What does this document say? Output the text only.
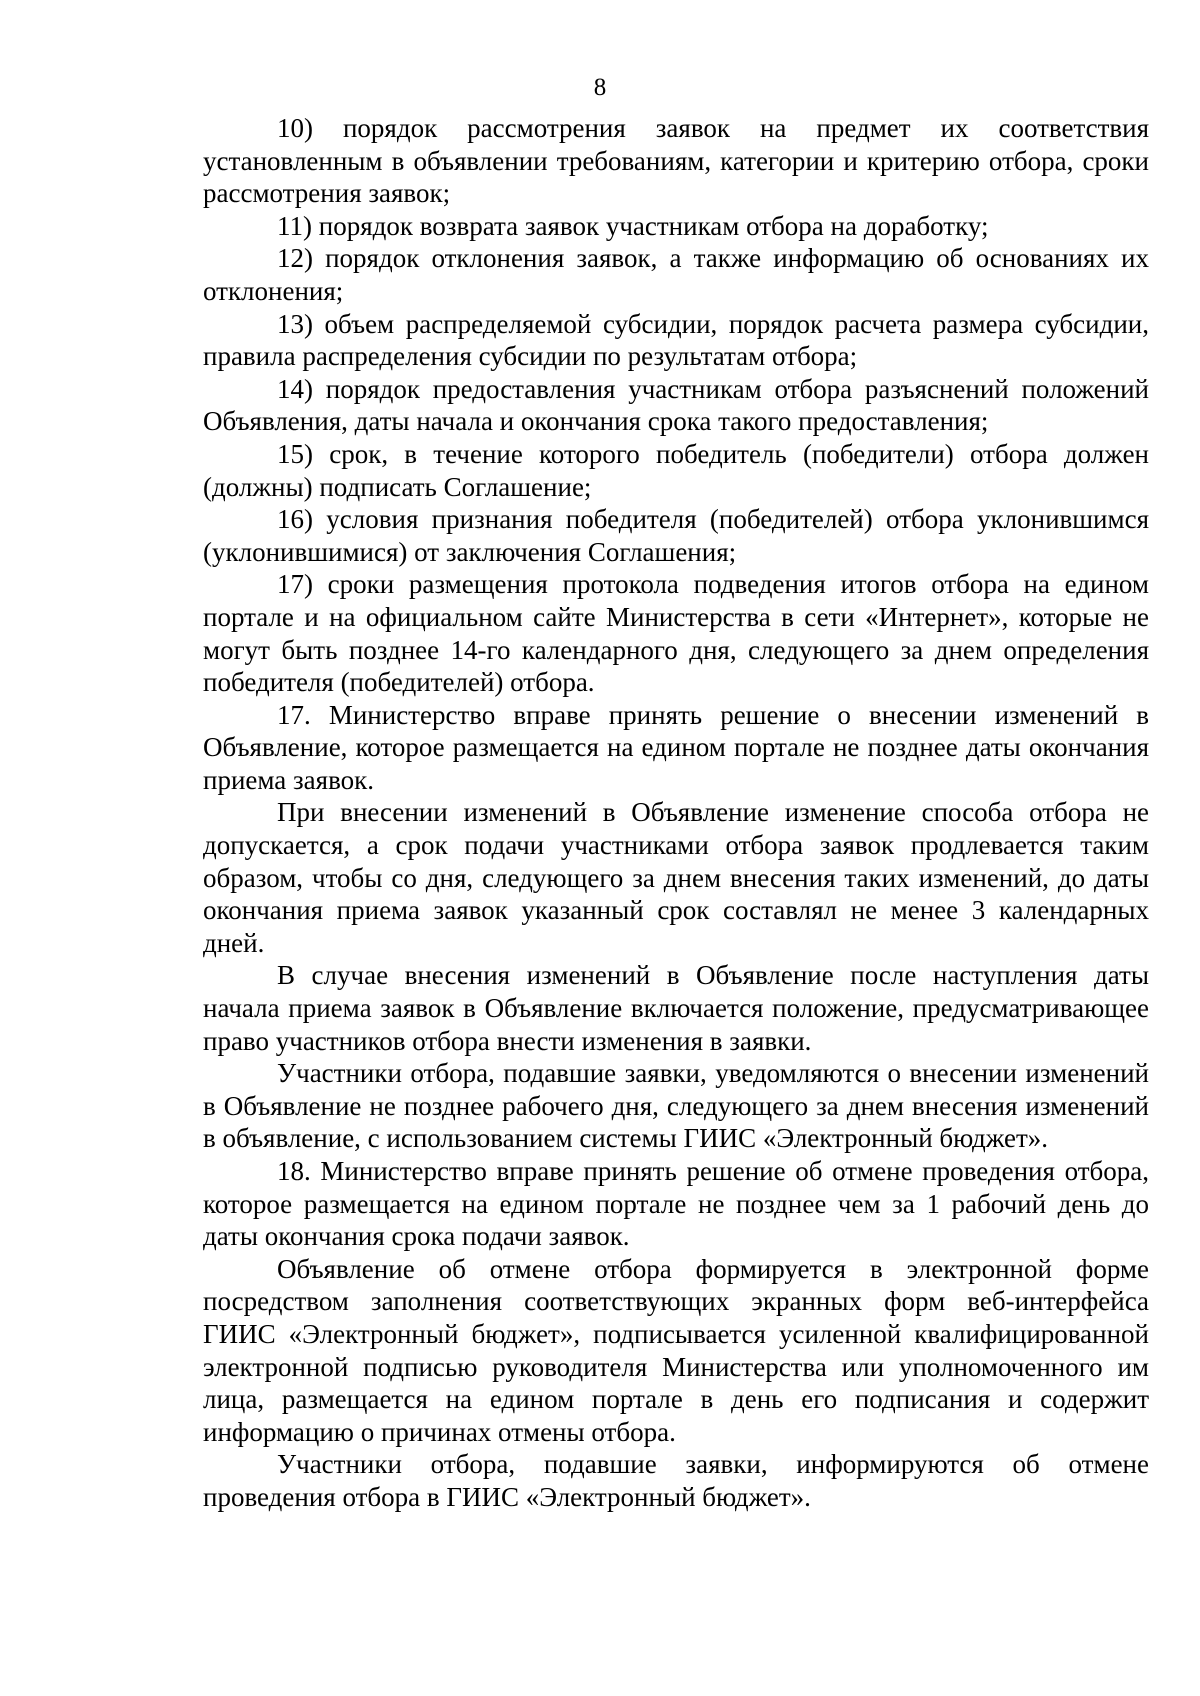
8

10) порядок рассмотрения заявок на предмет их соответствия установленным в объявлении требованиям, категории и критерию отбора, сроки рассмотрения заявок;

11) порядок возврата заявок участникам отбора на доработку;

12) порядок отклонения заявок, а также информацию об основаниях их отклонения;

13) объем распределяемой субсидии, порядок расчета размера субсидии, правила распределения субсидии по результатам отбора;

14) порядок предоставления участникам отбора разъяснений положений Объявления, даты начала и окончания срока такого предоставления;

15) срок, в течение которого победитель (победители) отбора должен (должны) подписать Соглашение;

16) условия признания победителя (победителей) отбора уклонившимся (уклонившимися) от заключения Соглашения;

17) сроки размещения протокола подведения итогов отбора на едином портале и на официальном сайте Министерства в сети «Интернет», которые не могут быть позднее 14-го календарного дня, следующего за днем определения победителя (победителей) отбора.

17. Министерство вправе принять решение о внесении изменений в Объявление, которое размещается на едином портале не позднее даты окончания приема заявок.

При внесении изменений в Объявление изменение способа отбора не допускается, а срок подачи участниками отбора заявок продлевается таким образом, чтобы со дня, следующего за днем внесения таких изменений, до даты окончания приема заявок указанный срок составлял не менее 3 календарных дней.

В случае внесения изменений в Объявление после наступления даты начала приема заявок в Объявление включается положение, предусматривающее право участников отбора внести изменения в заявки.

Участники отбора, подавшие заявки, уведомляются о внесении изменений в Объявление не позднее рабочего дня, следующего за днем внесения изменений в объявление, с использованием системы ГИИС «Электронный бюджет».

18. Министерство вправе принять решение об отмене проведения отбора, которое размещается на едином портале не позднее чем за 1 рабочий день до даты окончания срока подачи заявок.

Объявление об отмене отбора формируется в электронной форме посредством заполнения соответствующих экранных форм веб-интерфейса ГИИС «Электронный бюджет», подписывается усиленной квалифицированной электронной подписью руководителя Министерства или уполномоченного им лица, размещается на едином портале в день его подписания и содержит информацию о причинах отмены отбора.

Участники отбора, подавшие заявки, информируются об отмене проведения отбора в ГИИС «Электронный бюджет».
